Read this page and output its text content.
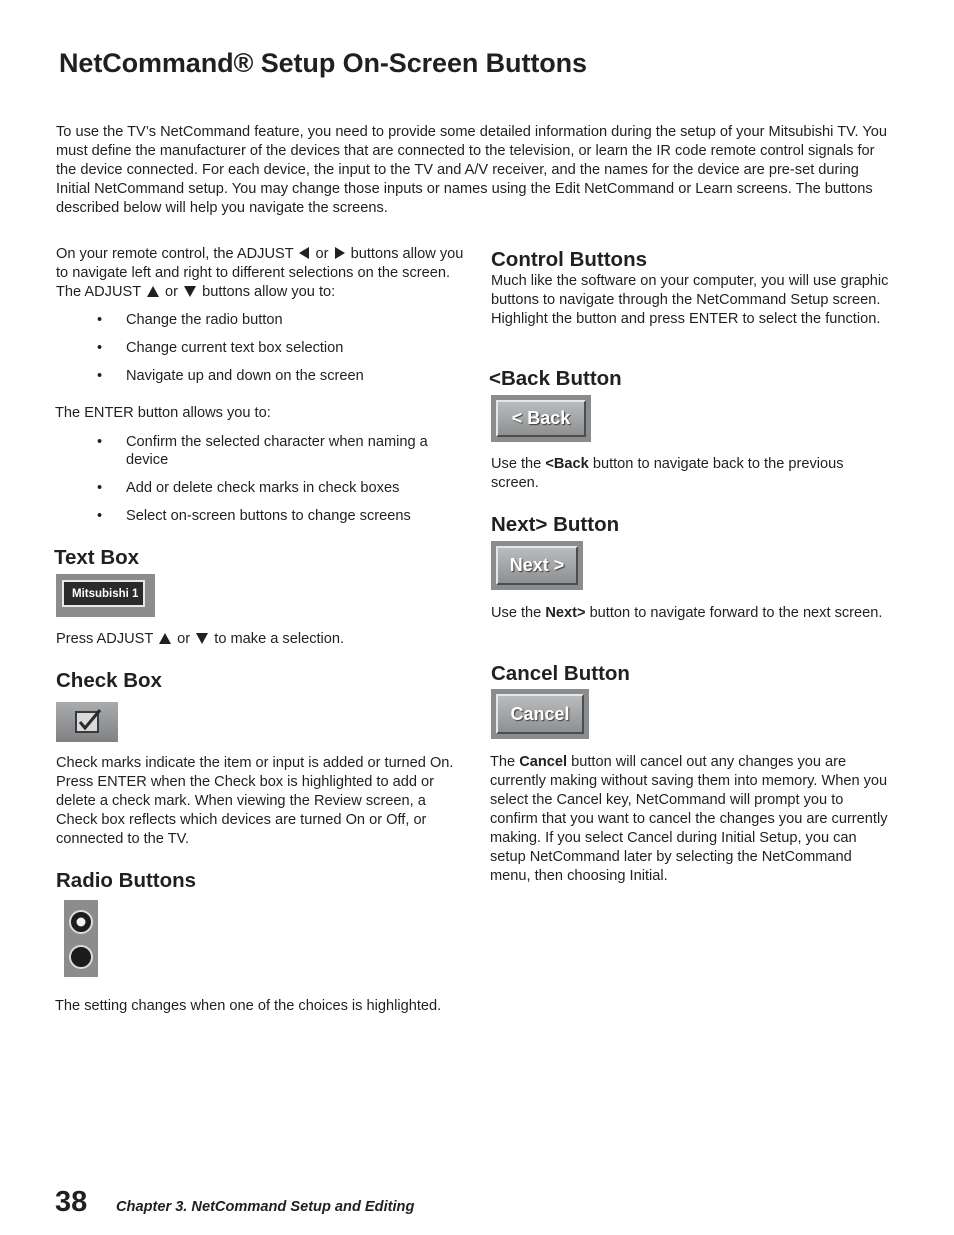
NetCommand® Setup On-Screen Buttons

To use the TV’s NetCommand feature, you need to provide some detailed information during the setup of your Mitsubishi TV. You must define the manufacturer of the devices that are connected to the television, or learn the IR code remote control signals for the device connected. For each device, the input to the TV and A/V receiver, and the names for the device are pre-set during Initial NetCommand setup. You may change those inputs or names using the Edit NetCommand or Learn screens. The buttons described below will help you navigate the screens.

On your remote control, the ADJUST or buttons allow you to navigate left and right to different selections on the screen. The ADJUST or buttons allow you to:

• Change the radio button
• Change current text box selection
• Navigate up and down on the screen

The ENTER button allows you to:

• Confirm the selected character when naming a device
• Add or delete check marks in check boxes
• Select on-screen buttons to change screens
Text Box
Mitsubishi 1

Press ADJUST or to make a selection.

Check Box

Check marks indicate the item or input is added or turned On. Press ENTER when the Check box is highlighted to add or delete a check mark. When viewing the Review screen, a Check box reflects which devices are turned On or Off, or connected to the TV.

Radio Buttons

The setting changes when one of the choices is highlighted.

Control Buttons

Much like the software on your computer, you will use graphic buttons to navigate through the NetCommand Setup screen. Highlight the button and press ENTER to select the function.

<Back Button
< Back

Use the <Back button to navigate back to the previous screen.

Next> Button
Next >

Use the Next> button to navigate forward to the next screen.

Cancel Button
Cancel

The Cancel button will cancel out any changes you are currently making without saving them into memory. When you select the Cancel key, NetCommand will prompt you to confirm that you want to cancel the changes you are currently making. If you select Cancel during Initial Setup, you can setup NetCommand later by selecting the NetCommand menu, then choosing Initial.

38 Chapter 3. NetCommand Setup and Editing
